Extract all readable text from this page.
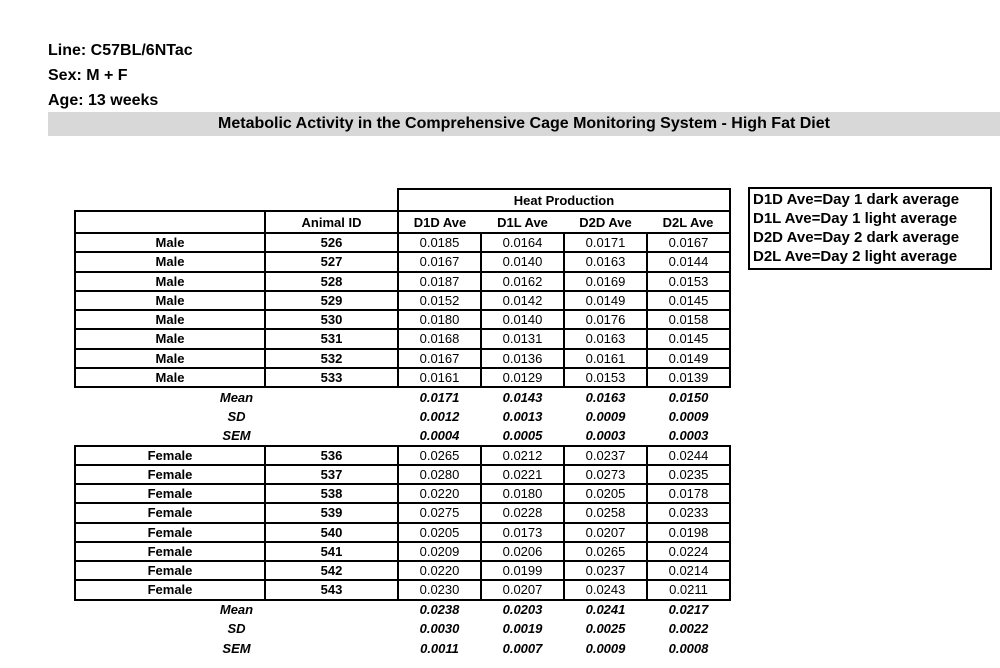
Line: C57BL/6NTac
Sex: M + F
Age: 13 weeks
Metabolic Activity in the Comprehensive Cage Monitoring System - High Fat Diet
D1D Ave=Day 1 dark average
D1L Ave=Day 1 light average
D2D Ave=Day 2 dark average
D2L Ave=Day 2 light average
		Heat Production			
	Animal ID	D1D Ave	D1L Ave	D2D Ave	D2L Ave
Male	526	0.0185	0.0164	0.0171	0.0167
Male	527	0.0167	0.0140	0.0163	0.0144
Male	528	0.0187	0.0162	0.0169	0.0153
Male	529	0.0152	0.0142	0.0149	0.0145
Male	530	0.0180	0.0140	0.0176	0.0158
Male	531	0.0168	0.0131	0.0163	0.0145
Male	532	0.0167	0.0136	0.0161	0.0149
Male	533	0.0161	0.0129	0.0153	0.0139
Mean		0.0171	0.0143	0.0163	0.0150
SD		0.0012	0.0013	0.0009	0.0009
SEM		0.0004	0.0005	0.0003	0.0003
Female	536	0.0265	0.0212	0.0237	0.0244
Female	537	0.0280	0.0221	0.0273	0.0235
Female	538	0.0220	0.0180	0.0205	0.0178
Female	539	0.0275	0.0228	0.0258	0.0233
Female	540	0.0205	0.0173	0.0207	0.0198
Female	541	0.0209	0.0206	0.0265	0.0224
Female	542	0.0220	0.0199	0.0237	0.0214
Female	543	0.0230	0.0207	0.0243	0.0211
Mean		0.0238	0.0203	0.0241	0.0217
SD		0.0030	0.0019	0.0025	0.0022
SEM		0.0011	0.0007	0.0009	0.0008
